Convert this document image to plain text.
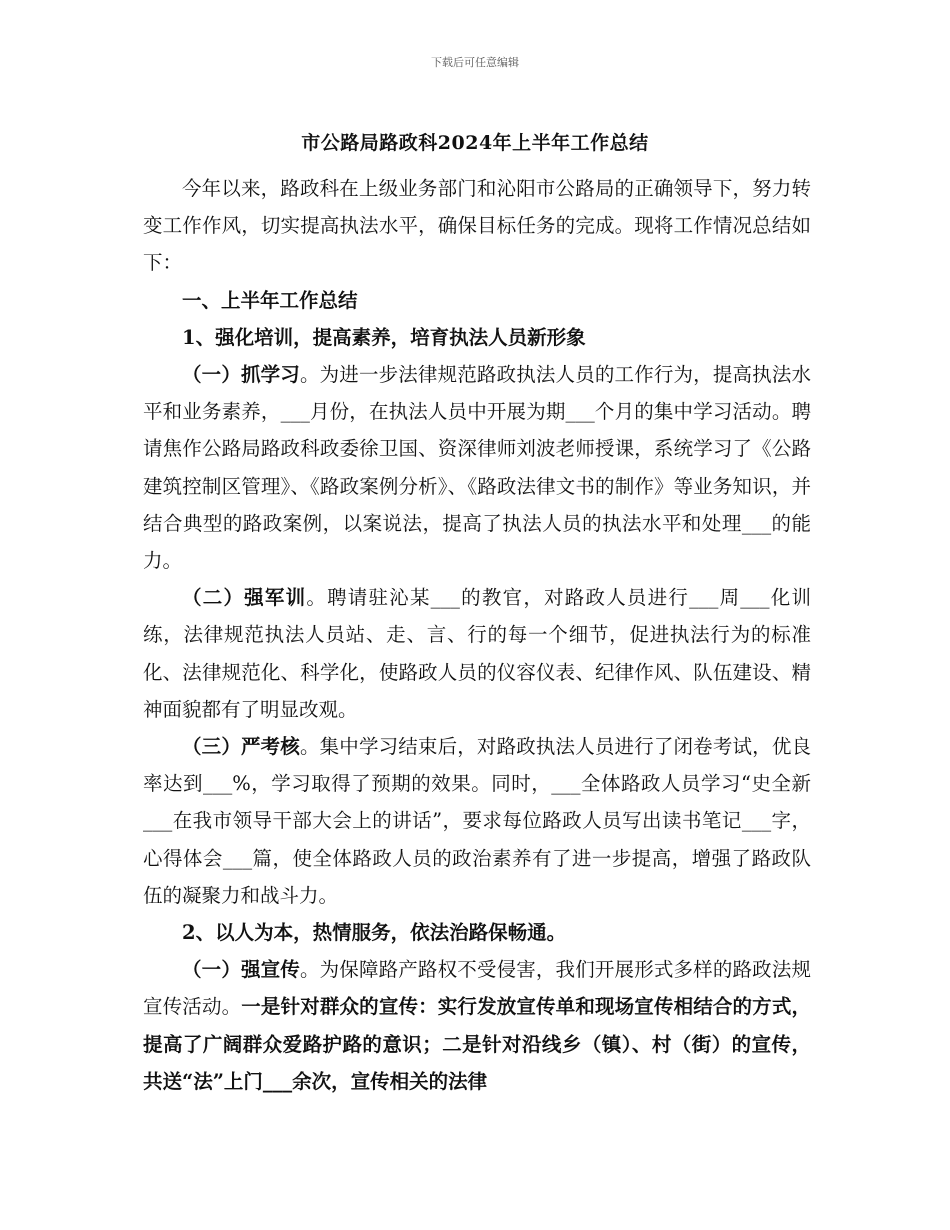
下载后可任意编辑
市公路局路政科2024年上半年工作总结

今年以来，路政科在上级业务部门和沁阳市公路局的正确领导下，努力转变工作作风，切实提高执法水平，确保目标任务的完成。现将工作情况总结如下：

一、上半年工作总结

1、强化培训，提高素养，培育执法人员新形象

（一）抓学习。为进一步法律规范路政执法人员的工作行为，提高执法水平和业务素养，___月份，在执法人员中开展为期___个月的集中学习活动。聘请焦作公路局路政科政委徐卫国、资深律师刘波老师授课，系统学习了《公路建筑控制区管理》、《路政案例分析》、《路政法律文书的制作》等业务知识，并结合典型的路政案例，以案说法，提高了执法人员的执法水平和处理___的能力。

（二）强军训。聘请驻沁某___的教官，对路政人员进行___周___化训练，法律规范执法人员站、走、言、行的每一个细节，促进执法行为的标准化、法律规范化、科学化，使路政人员的仪容仪表、纪律作风、队伍建设、精神面貌都有了明显改观。

（三）严考核。集中学习结束后，对路政执法人员进行了闭卷考试，优良率达到___%，学习取得了预期的效果。同时，___全体路政人员学习“史全新___在我市领导干部大会上的讲话”，要求每位路政人员写出读书笔记___字，心得体会___篇，使全体路政人员的政治素养有了进一步提高，增强了路政队伍的凝聚力和战斗力。

2、以人为本，热情服务，依法治路保畅通。

（一）强宣传。为保障路产路权不受侵害，我们开展形式多样的路政法规宣传活动。一是针对群众的宣传：实行发放宣传单和现场宣传相结合的方式，提高了广阔群众爱路护路的意识；二是针对沿线乡（镇）、村（街）的宣传，共送“法”上门___余次，宣传相关的法律
